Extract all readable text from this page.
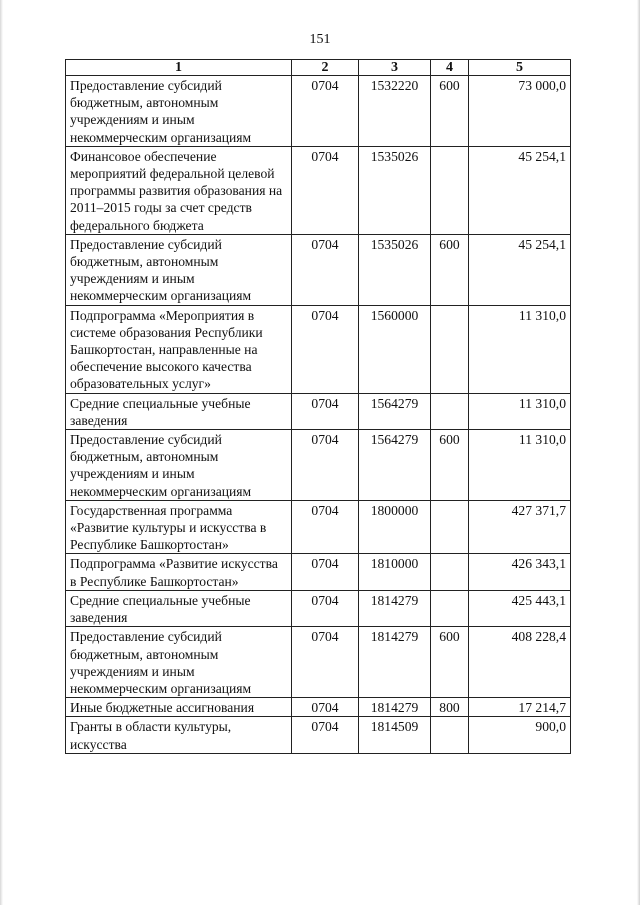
151
1	2	3	4	5
Предоставление субсидий бюджетным, автономным учреждениям и иным некоммерческим организациям	0704	1532220	600	73 000,0
Финансовое обеспечение мероприятий федеральной целевой программы развития образования на 2011–2015 годы за счет средств федерального бюджета	0704	1535026		45 254,1
Предоставление субсидий бюджетным, автономным учреждениям и иным некоммерческим организациям	0704	1535026	600	45 254,1
Подпрограмма «Мероприятия в системе образования Республики Башкортостан, направленные на обеспечение высокого качества образовательных услуг»	0704	1560000		11 310,0
Средние специальные учебные заведения	0704	1564279		11 310,0
Предоставление субсидий бюджетным, автономным учреждениям и иным некоммерческим организациям	0704	1564279	600	11 310,0
Государственная программа «Развитие культуры и искусства в Республике Башкортостан»	0704	1800000		427 371,7
Подпрограмма «Развитие искусства в Республике Башкортостан»	0704	1810000		426 343,1
Средние специальные учебные заведения	0704	1814279		425 443,1
Предоставление субсидий бюджетным, автономным учреждениям и иным некоммерческим организациям	0704	1814279	600	408 228,4
Иные бюджетные ассигнования	0704	1814279	800	17 214,7
Гранты в области культуры, искусства	0704	1814509		900,0
